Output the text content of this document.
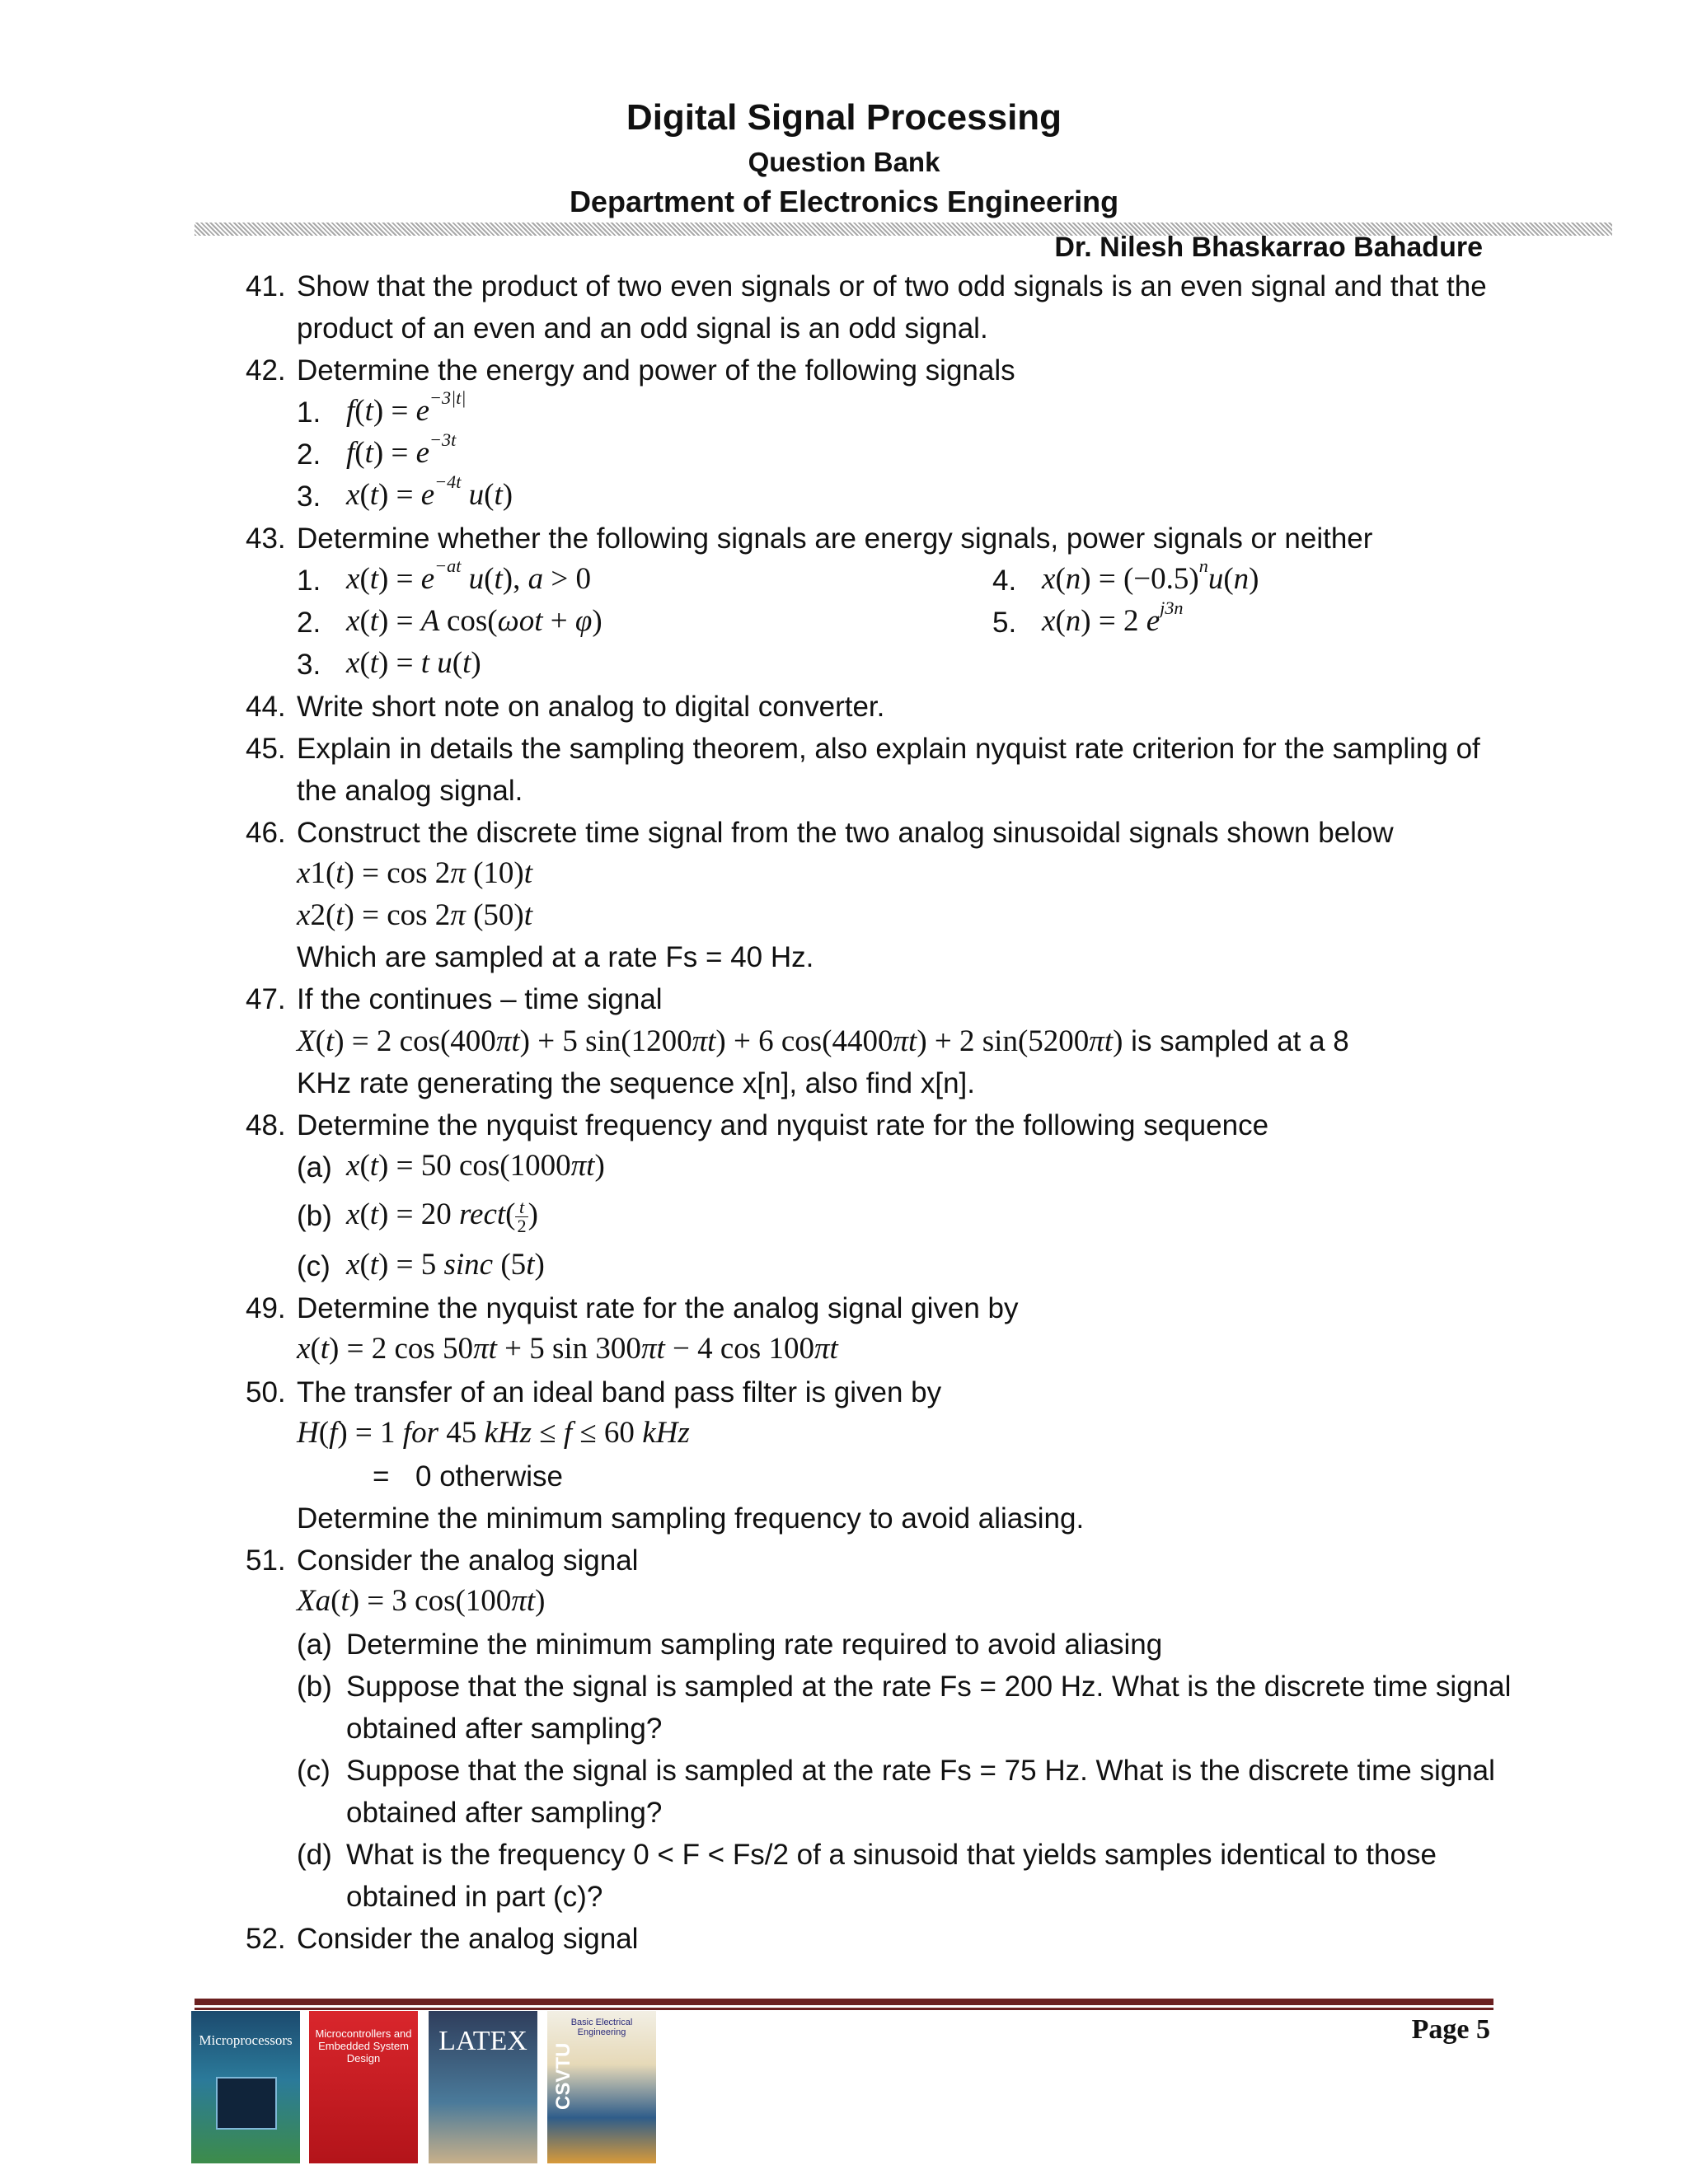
Digital Signal Processing
Question Bank
Department of Electronics Engineering
Dr. Nilesh Bhaskarrao Bahadure
41. Show that the product of two even signals or of two odd signals is an even signal and that the
product of an even and an odd signal is an odd signal.
42. Determine the energy and power of the following signals
1. $f(t) = e^{-3|t|}$
2. $f(t) = e^{-3t}$
3. $x(t) = e^{-4t}$ u(t)
43. Determine whether the following signals are energy signals, power signals or neither
1. $x(t) = e^{-at}$ u(t), a > 0
2. x(t) = A cos(ωot + φ)
3. x(t) = t u(t)
4. $x(n) = (-0.5)^nu(n)$
5. x(n) = 2 $e^{j3n}$
44. Write short note on analog to digital converter.
45. Explain in details the sampling theorem, also explain nyquist rate criterion for the sampling of
the analog signal.
46. Construct the discrete time signal from the two analog sinusoidal signals shown below
x1(t) = cos 2π (10)t
x2(t) = cos 2π (50)t
Which are sampled at a rate Fs = 40 Hz.
47. If the continues – time signal
X(t) = 2 cos(400πt) + 5 sin(1200πt) + 6 cos(4400πt) + 2 sin(5200πt) is sampled at a 8
KHz rate generating the sequence x[n], also find x[n].
48. Determine the nyquist frequency and nyquist rate for the following sequence
(a) x(t) = 50 cos(1000πt)
(b) x(t) = 20 rect( $\frac{t}{2}$ )
(c) x(t) = 5 sinc (5t)
49. Determine the nyquist rate for the analog signal given by
x(t) = 2 cos 50πt + 5 sin 300πt − 4 cos 100πt
50. The transfer of an ideal band pass filter is given by
H(f) = 1 for 45 kHz ≤ f ≤ 60 kHz
= 0 otherwise
Determine the minimum sampling frequency to avoid aliasing.
51. Consider the analog signal
Xa(t) = 3 cos(100πt)
(a) Determine the minimum sampling rate required to avoid aliasing
(b) Suppose that the signal is sampled at the rate Fs = 200 Hz. What is the discrete time signal
obtained after sampling?
(c) Suppose that the signal is sampled at the rate Fs = 75 Hz. What is the discrete time signal
obtained after sampling?
(d) What is the frequency 0 < F < Fs/2 of a sinusoid that yields samples identical to those
obtained in part (c)?
52. Consider the analog signal
Page 5
Microprocessors	Microcontrollers and Embedded System Design
LATEX
Basic Electrical Engineering
CSVTU
